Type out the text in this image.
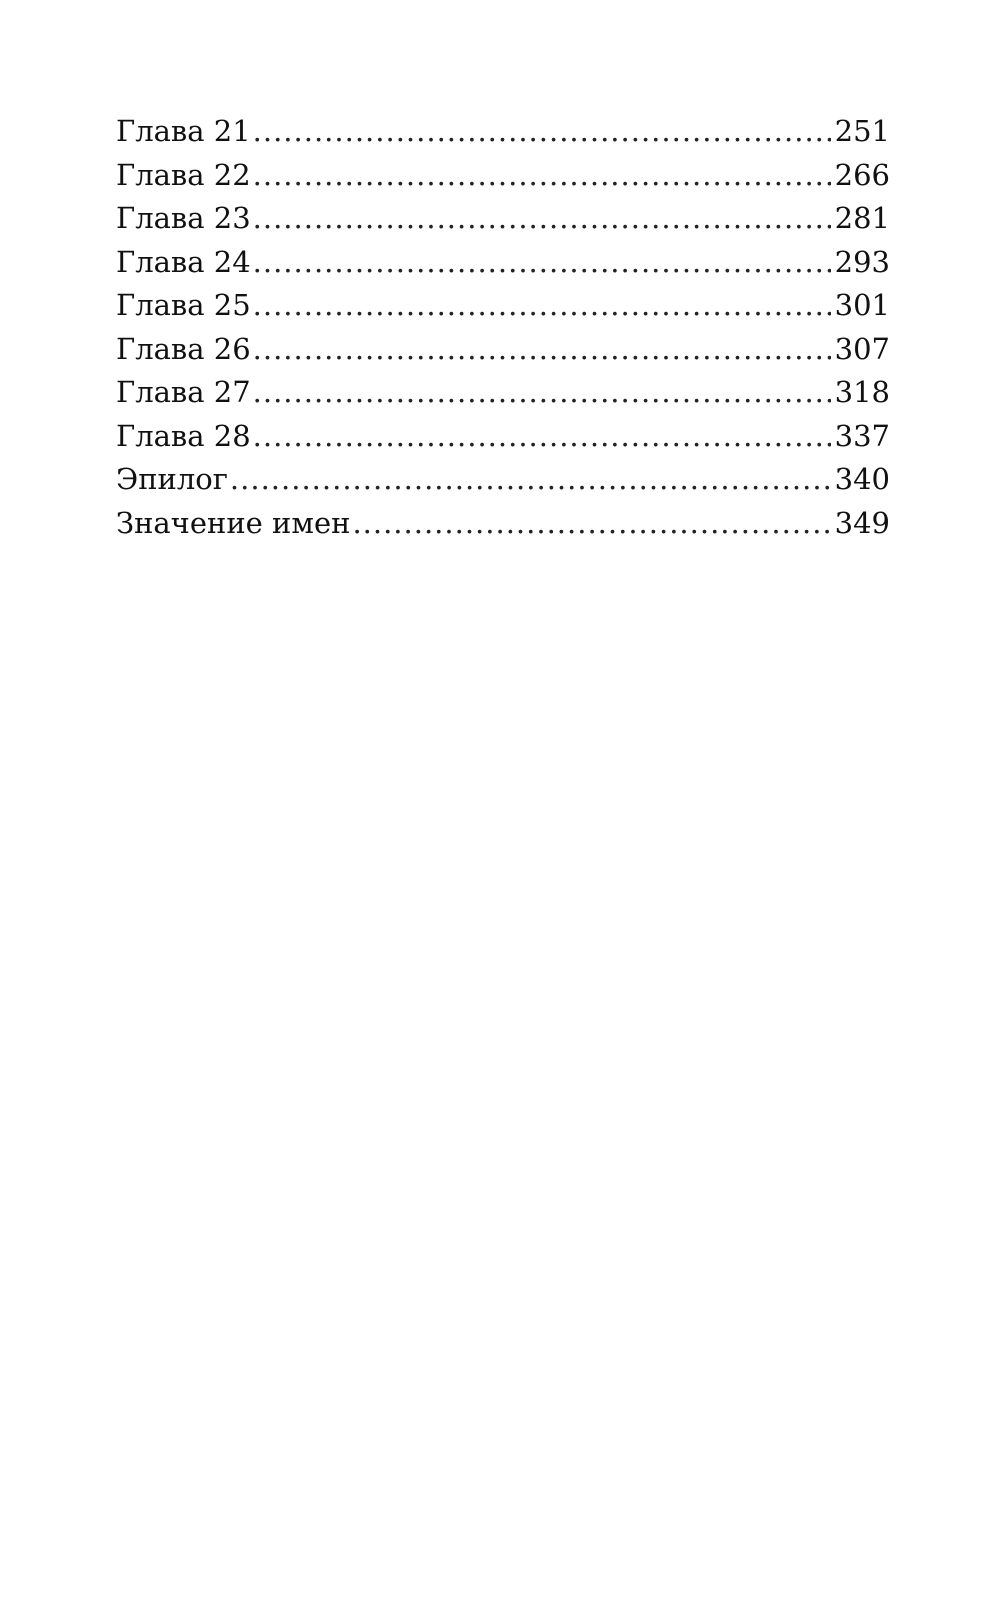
Глава 21 .....	251
Глава 22 .....	266
Глава 23 .....	281
Глава 24 .....	293
Глава 25 .....	301
Глава 26 .....	307
Глава 27 .....	318
Глава 28 .....	337
Эпилог .....	340
Значение имен .....	349
